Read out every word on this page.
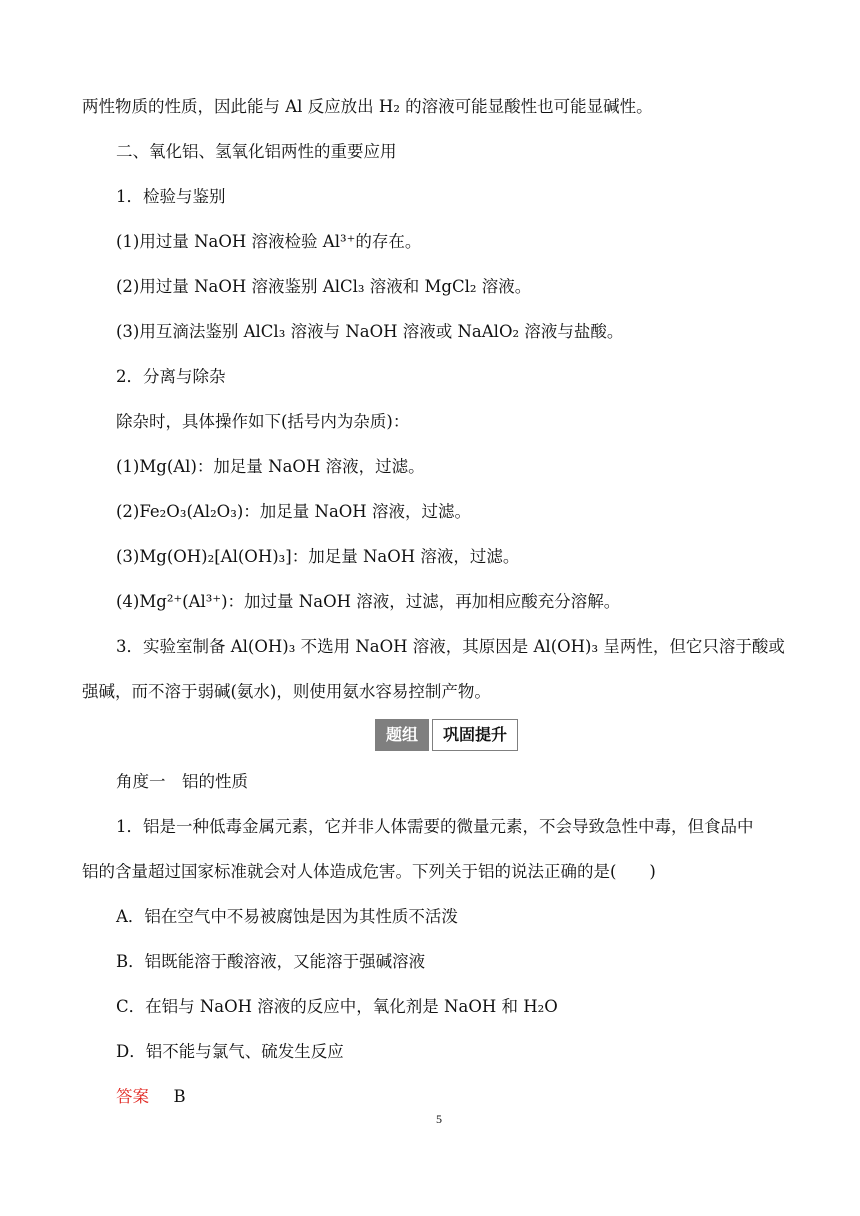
两性物质的性质，因此能与 Al 反应放出 H₂ 的溶液可能显酸性也可能显碱性。
二、氧化铝、氢氧化铝两性的重要应用
1．检验与鉴别
(1)用过量 NaOH 溶液检验 Al³⁺的存在。
(2)用过量 NaOH 溶液鉴别 AlCl₃ 溶液和 MgCl₂ 溶液。
(3)用互滴法鉴别 AlCl₃ 溶液与 NaOH 溶液或 NaAlO₂ 溶液与盐酸。
2．分离与除杂
除杂时，具体操作如下(括号内为杂质)：
(1)Mg(Al)：加足量 NaOH 溶液，过滤。
(2)Fe₂O₃(Al₂O₃)：加足量 NaOH 溶液，过滤。
(3)Mg(OH)₂[Al(OH)₃]：加足量 NaOH 溶液，过滤。
(4)Mg²⁺(Al³⁺)：加过量 NaOH 溶液，过滤，再加相应酸充分溶解。
3．实验室制备 Al(OH)₃ 不选用 NaOH 溶液，其原因是 Al(OH)₃ 呈两性，但它只溶于酸或
强碱，而不溶于弱碱(氨水)，则使用氨水容易控制产物。
题组	巩固提升
角度一　铝的性质
1．铝是一种低毒金属元素，它并非人体需要的微量元素，不会导致急性中毒，但食品中
铝的含量超过国家标准就会对人体造成危害。下列关于铝的说法正确的是(　　)
A．铝在空气中不易被腐蚀是因为其性质不活泼
B．铝既能溶于酸溶液，又能溶于强碱溶液
C．在铝与 NaOH 溶液的反应中，氧化剂是 NaOH 和 H₂O
D．铝不能与氯气、硫发生反应
答案 B
5
